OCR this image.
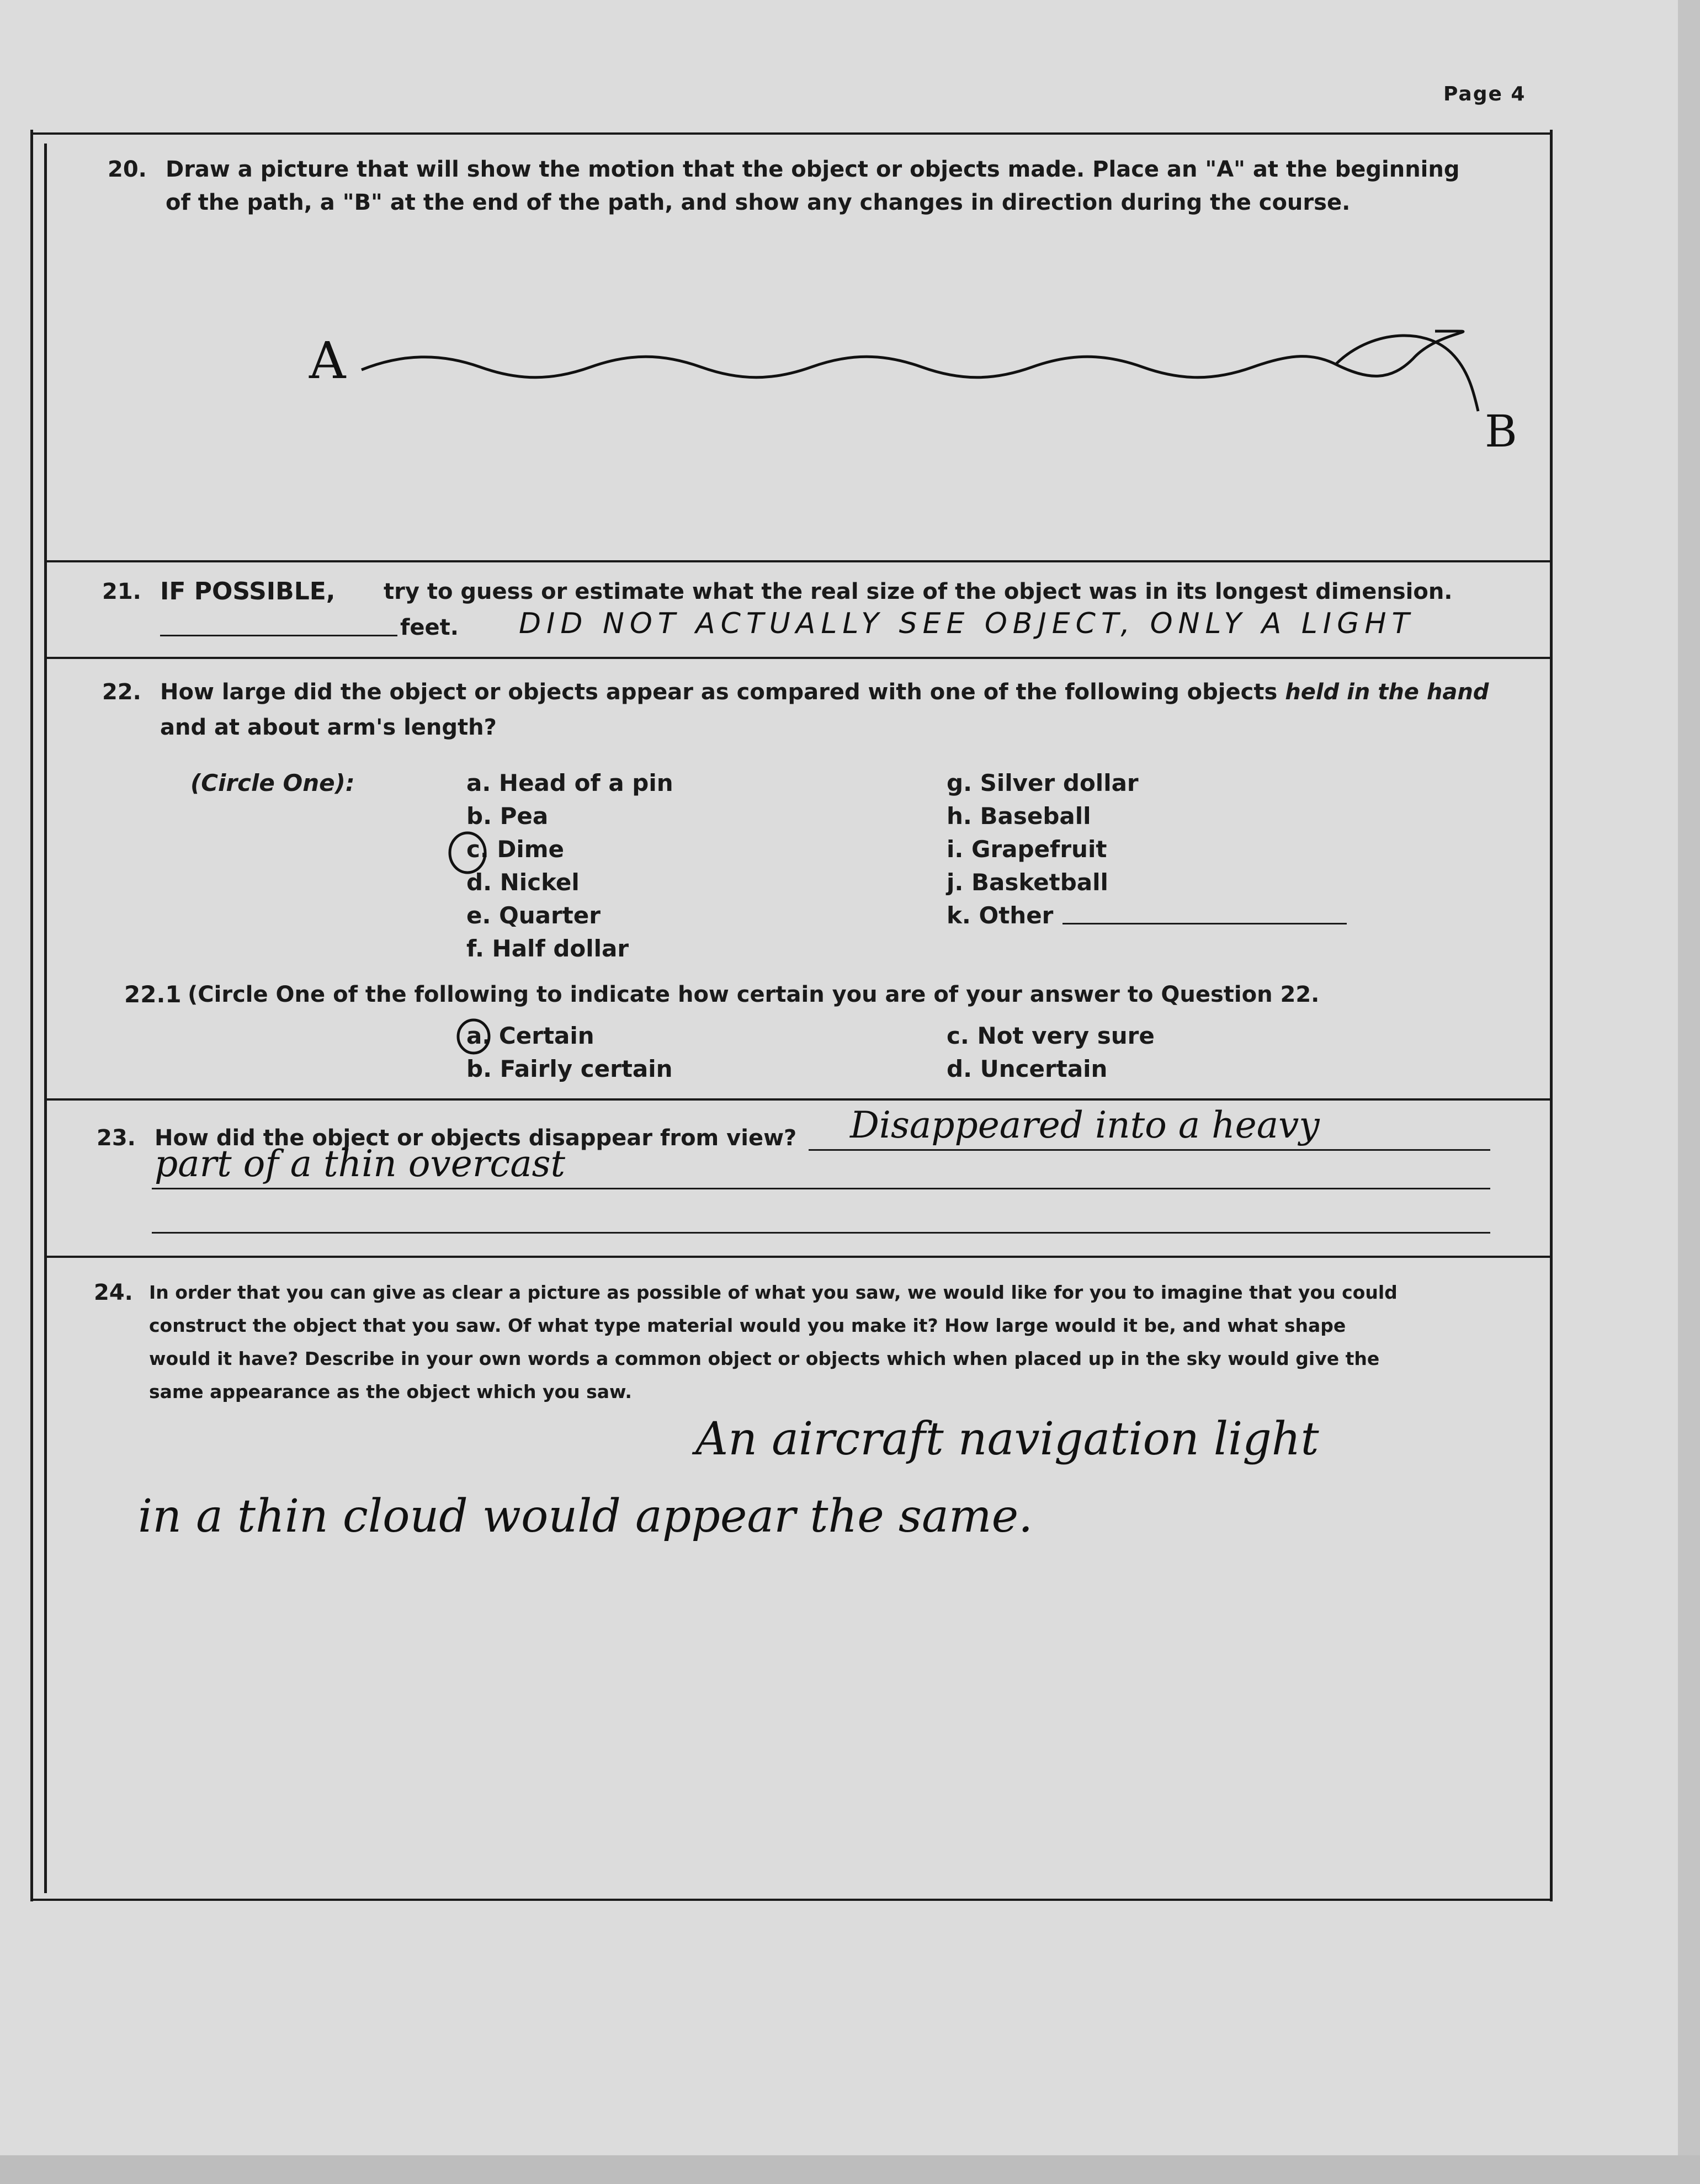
Page 4
20. Draw a picture that will show the motion that the object or objects made. Place an "A" at the beginning
of the path, a "B" at the end of the path, and show any changes in direction during the course.
A
B
21. IF POSSIBLE, try to guess or estimate what the real size of the object was in its longest dimension.
feet. DID NOT ACTUALLY SEE OBJECT, ONLY A LIGHT
22. How large did the object or objects appear as compared with one of the following objects held in the hand
and at about arm's length?
(Circle One):	a. Head of a pin
b. Pea
c. Dime
d. Nickel
e. Quarter
f. Half dollar
g. Silver dollar
h. Baseball
i. Grapefruit
j. Basketball
k. Other
22.1 (Circle One of the following to indicate how certain you are of your answer to Question 22.
a. Certain
b. Fairly certain
c. Not very sure
d. Uncertain
23. How did the object or objects disappear from view? Disappeared into a heavy
part of a thin overcast
24. In order that you can give as clear a picture as possible of what you saw, we would like for you to imagine that you could
construct the object that you saw. Of what type material would you make it? How large would it be, and what shape
would it have? Describe in your own words a common object or objects which when placed up in the sky would give the
same appearance as the object which you saw.
An aircraft navigation light
in a thin cloud would appear the same.
